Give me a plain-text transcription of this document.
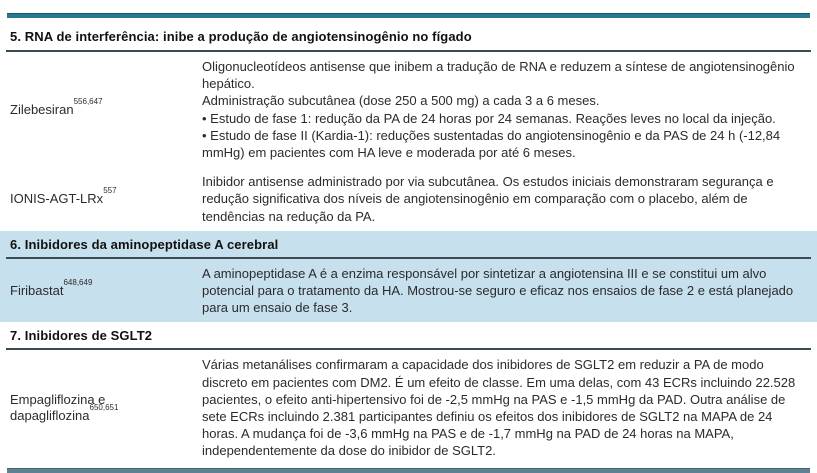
5. RNA de interferência: inibe a produção de angiotensinogênio no fígado
Zilebesiran$^{556,647}$

Oligonucleotídeos antisense que inibem a tradução de RNA e reduzem a síntese de angiotensinogênio hepático.

Administração subcutânea (dose 250 a 500 mg) a cada 3 a 6 meses.

• Estudo de fase 1: redução da PA de 24 horas por 24 semanas. Reações leves no local da injeção.

• Estudo de fase II (Kardia-1): reduções sustentadas do angiotensinogênio e da PAS de 24 h (-12,84 mmHg) em pacientes com HA leve e moderada por até 6 meses.

IONIS-AGT-LRx$^{557}$

Inibidor antisense administrado por via subcutânea. Os estudos iniciais demonstraram segurança e redução significativa dos níveis de angiotensinogênio em comparação com o placebo, além de tendências na redução da PA.

6. Inibidores da aminopeptidase A cerebral
Firibastat$^{648,649}$

A aminopeptidase A é a enzima responsável por sintetizar a angiotensina III e se constitui um alvo potencial para o tratamento da HA. Mostrou-se seguro e eficaz nos ensaios de fase 2 e está planejado para um ensaio de fase 3.

7. Inibidores de SGLT2
Empagliflozina e dapagliflozina$^{650,651}$

Várias metanálises confirmaram a capacidade dos inibidores de SGLT2 em reduzir a PA de modo discreto em pacientes com DM2. É um efeito de classe. Em uma delas, com 43 ECRs incluindo 22.528 pacientes, o efeito anti-hipertensivo foi de -2,5 mmHg na PAS e -1,5 mmHg da PAD. Outra análise de sete ECRs incluindo 2.381 participantes definiu os efeitos dos inibidores de SGLT2 na MAPA de 24 horas. A mudança foi de -3,6 mmHg na PAS e de -1,7 mmHg na PAD de 24 horas na MAPA, independentemente da dose do inibidor de SGLT2.
